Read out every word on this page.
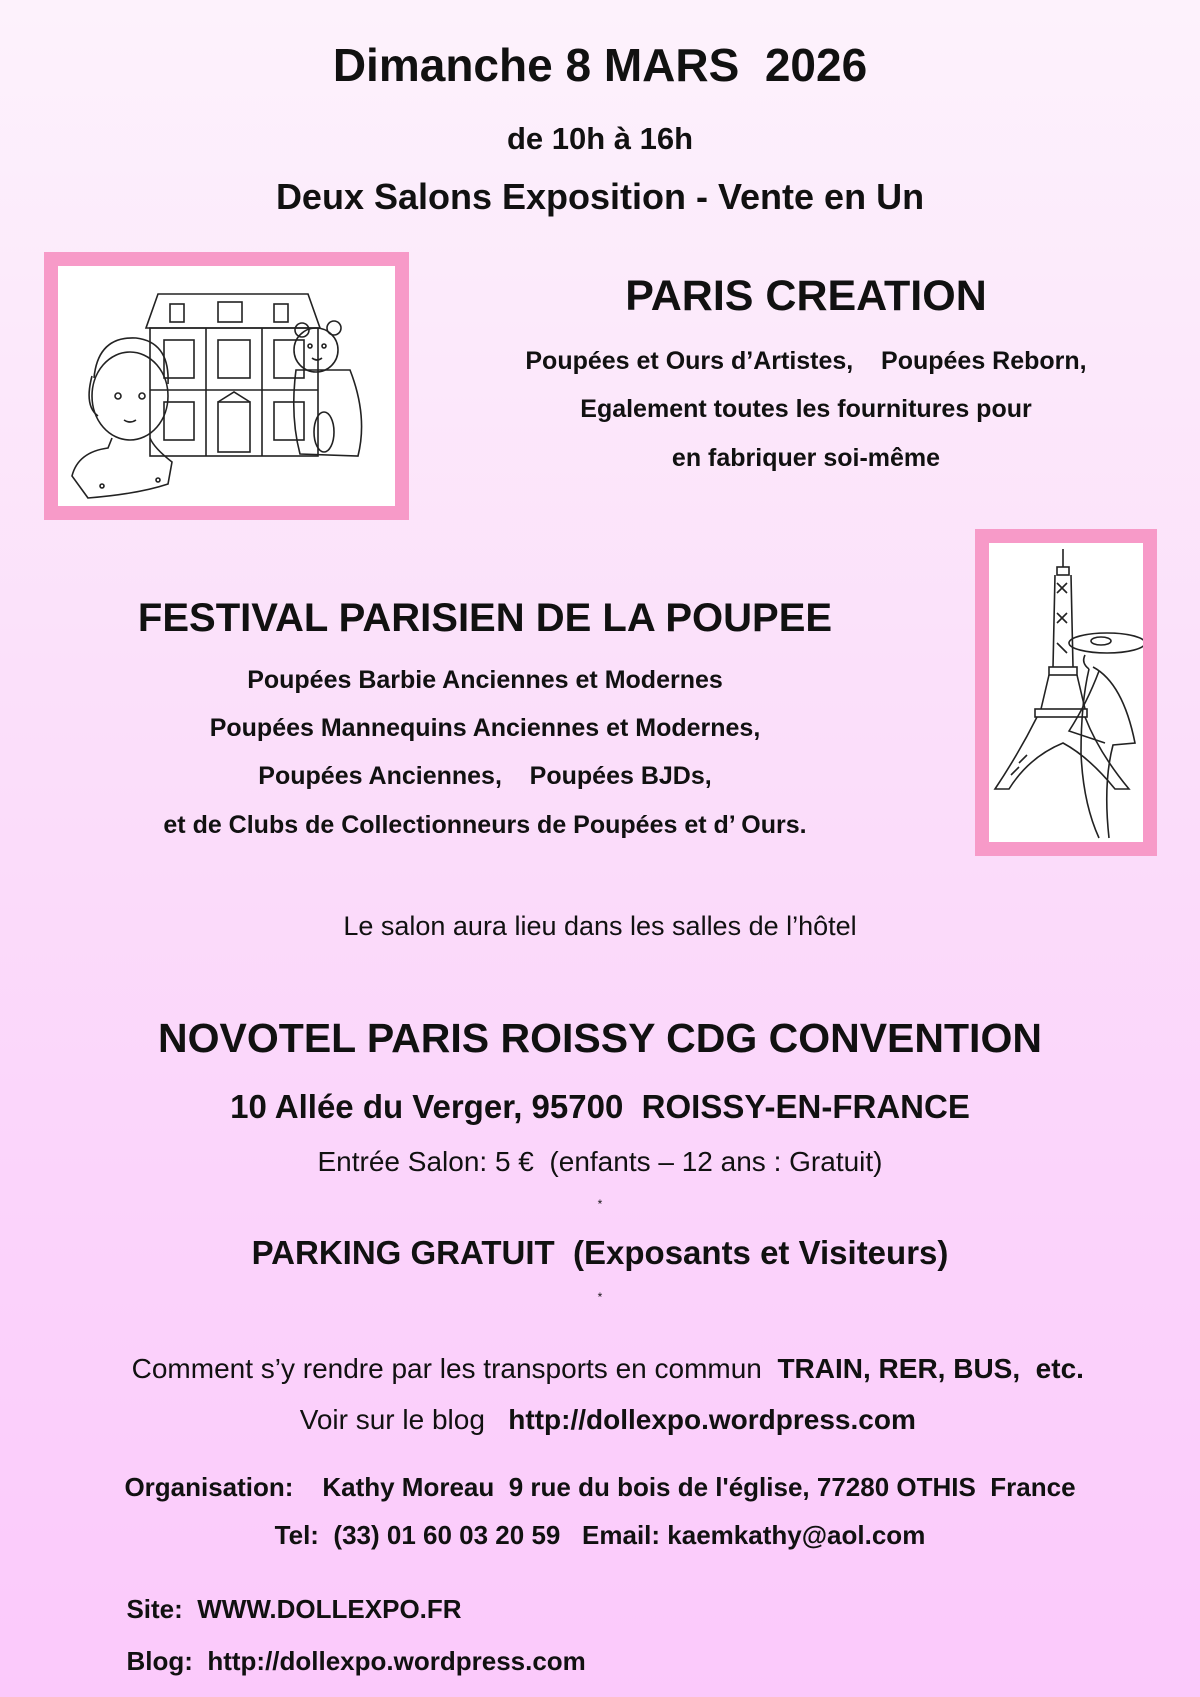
Dimanche 8 MARS  2026
de 10h à 16h
Deux Salons Exposition - Vente en Un
PARIS CREATION
Poupées et Ours d’Artistes,    Poupées Reborn,
Egalement toutes les fournitures pour
en fabriquer soi-même
FESTIVAL PARISIEN DE LA POUPEE
Poupées Barbie Anciennes et Modernes
Poupées Mannequins Anciennes et Modernes,
Poupées Anciennes,    Poupées BJDs,
et de Clubs de Collectionneurs de Poupées et d’ Ours.
Le salon aura lieu dans les salles de l’hôtel
NOVOTEL PARIS ROISSY CDG CONVENTION
10 Allée du Verger, 95700  ROISSY-EN-FRANCE
Entrée Salon: 5 €  (enfants – 12 ans : Gratuit)
*
PARKING GRATUIT  (Exposants et Visiteurs)
*

Comment s’y rendre par les transports en commun  TRAIN, RER, BUS,  etc.

Voir sur le blog   http://dollexpo.wordpress.com

Organisation:    Kathy Moreau  9 rue du bois de l'église, 77280 OTHIS  France
Tel:  (33) 01 60 03 20 59   Email: kaemkathy@aol.com

Site:  WWW.DOLLEXPO.FR

Blog:  http://dollexpo.wordpress.com
